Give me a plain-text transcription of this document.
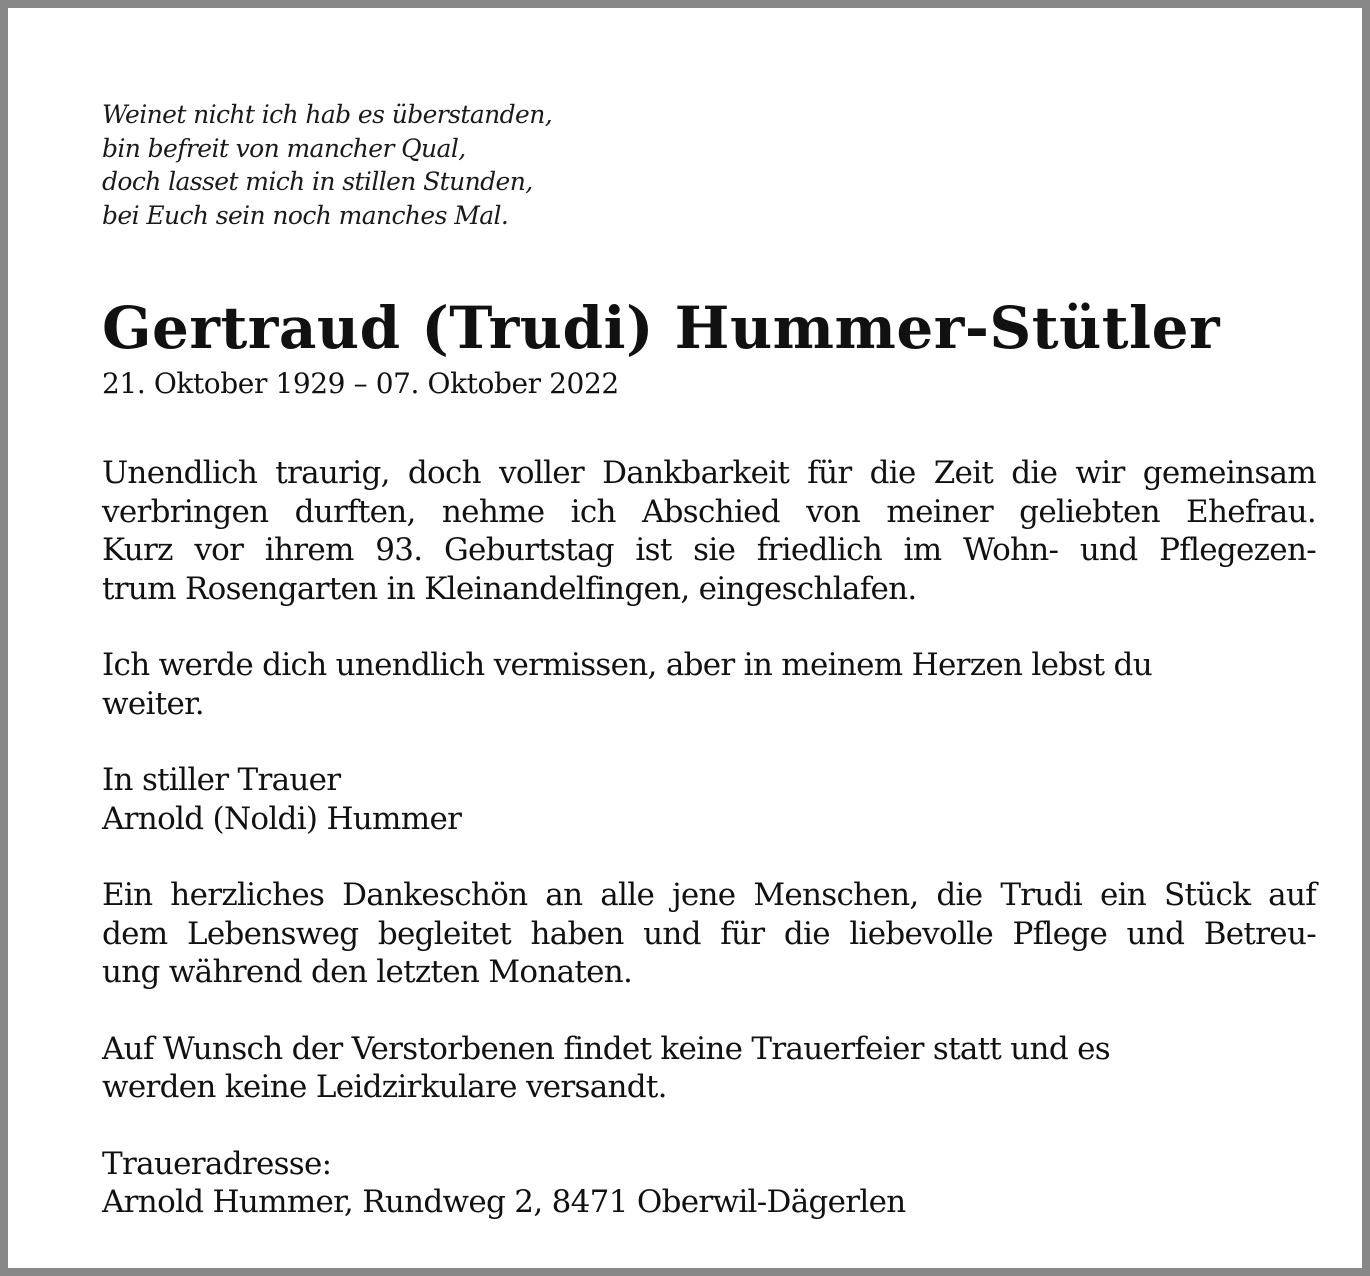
Weinet nicht ich hab es überstanden,
bin befreit von mancher Qual,
doch lasset mich in stillen Stunden,
bei Euch sein noch manches Mal.
Gertraud (Trudi) Hummer-Stütler
21. Oktober 1929 – 07. Oktober 2022
Unendlich traurig, doch voller Dankbarkeit für die Zeit die wir gemeinsam
verbringen durften, nehme ich Abschied von meiner geliebten Ehefrau.
Kurz vor ihrem 93. Geburtstag ist sie friedlich im Wohn- und Pflegezen-
trum Rosengarten in Kleinandelfingen, eingeschlafen.
Ich werde dich unendlich vermissen, aber in meinem Herzen lebst du
weiter.
In stiller Trauer
Arnold (Noldi) Hummer
Ein herzliches Dankeschön an alle jene Menschen, die Trudi ein Stück auf
dem Lebensweg begleitet haben und für die liebevolle Pflege und Betreu-
ung während den letzten Monaten.
Auf Wunsch der Verstorbenen findet keine Trauerfeier statt und es
werden keine Leidzirkulare versandt.
Traueradresse:
Arnold Hummer, Rundweg 2, 8471 Oberwil-Dägerlen
